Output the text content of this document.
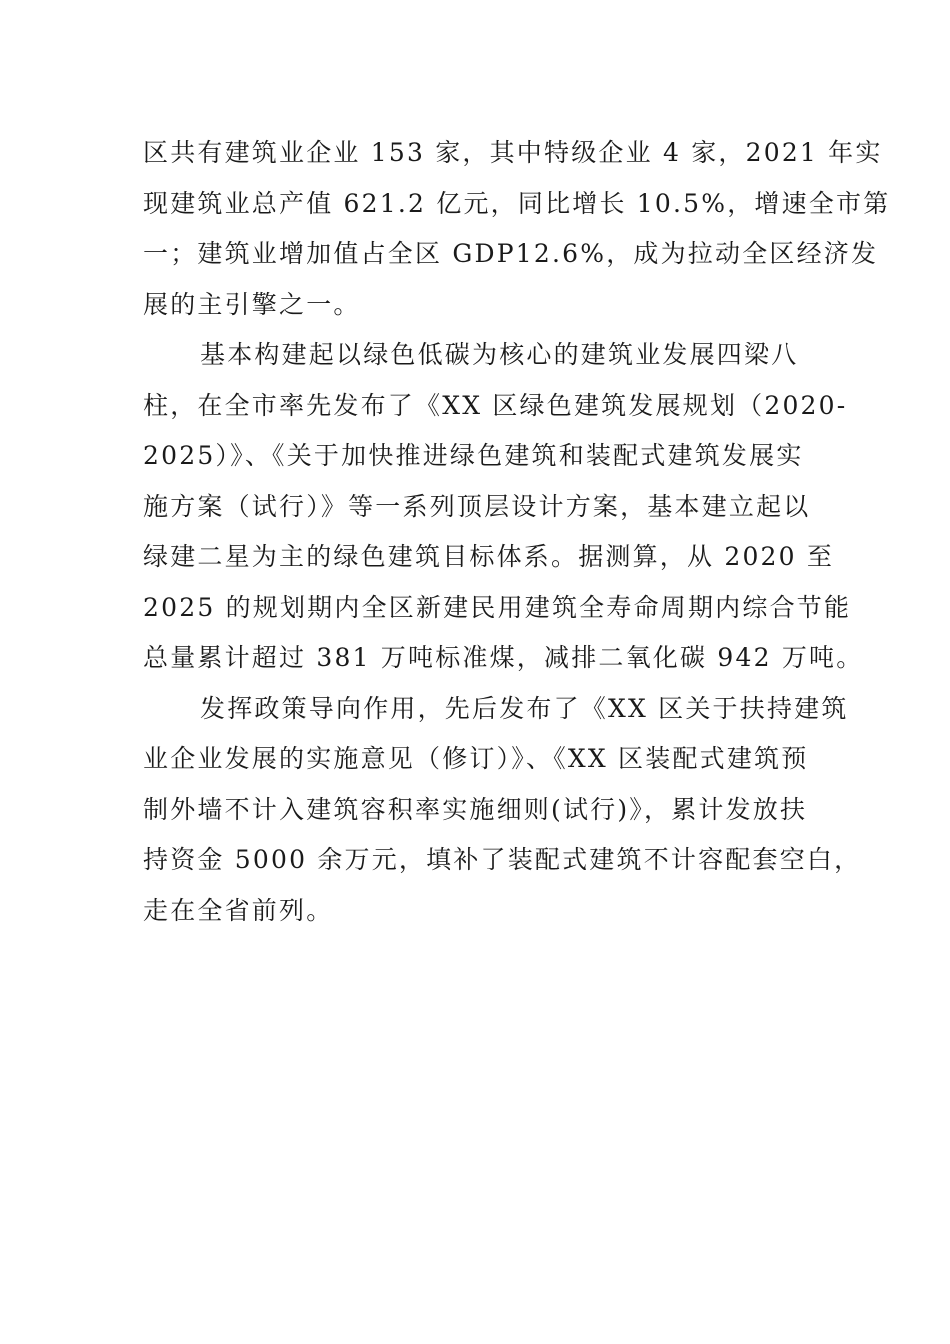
区共有建筑业企业 153 家，其中特级企业 4 家，2021 年实
现建筑业总产值 621.2 亿元，同比增长 10.5%，增速全市第
一；建筑业增加值占全区 GDP12.6%，成为拉动全区经济发
展的主引擎之一。

基本构建起以绿色低碳为核心的建筑业发展四梁八
柱，在全市率先发布了《XX 区绿色建筑发展规划（2020-
2025）》、《关于加快推进绿色建筑和装配式建筑发展实
施方案（试行）》等一系列顶层设计方案，基本建立起以
绿建二星为主的绿色建筑目标体系。据测算，从 2020 至
2025 的规划期内全区新建民用建筑全寿命周期内综合节能
总量累计超过 381 万吨标准煤，减排二氧化碳 942 万吨。

发挥政策导向作用，先后发布了《XX 区关于扶持建筑
业企业发展的实施意见（修订）》、《XX 区装配式建筑预
制外墙不计入建筑容积率实施细则(试行)》，累计发放扶
持资金 5000 余万元，填补了装配式建筑不计容配套空白，
走在全省前列。
